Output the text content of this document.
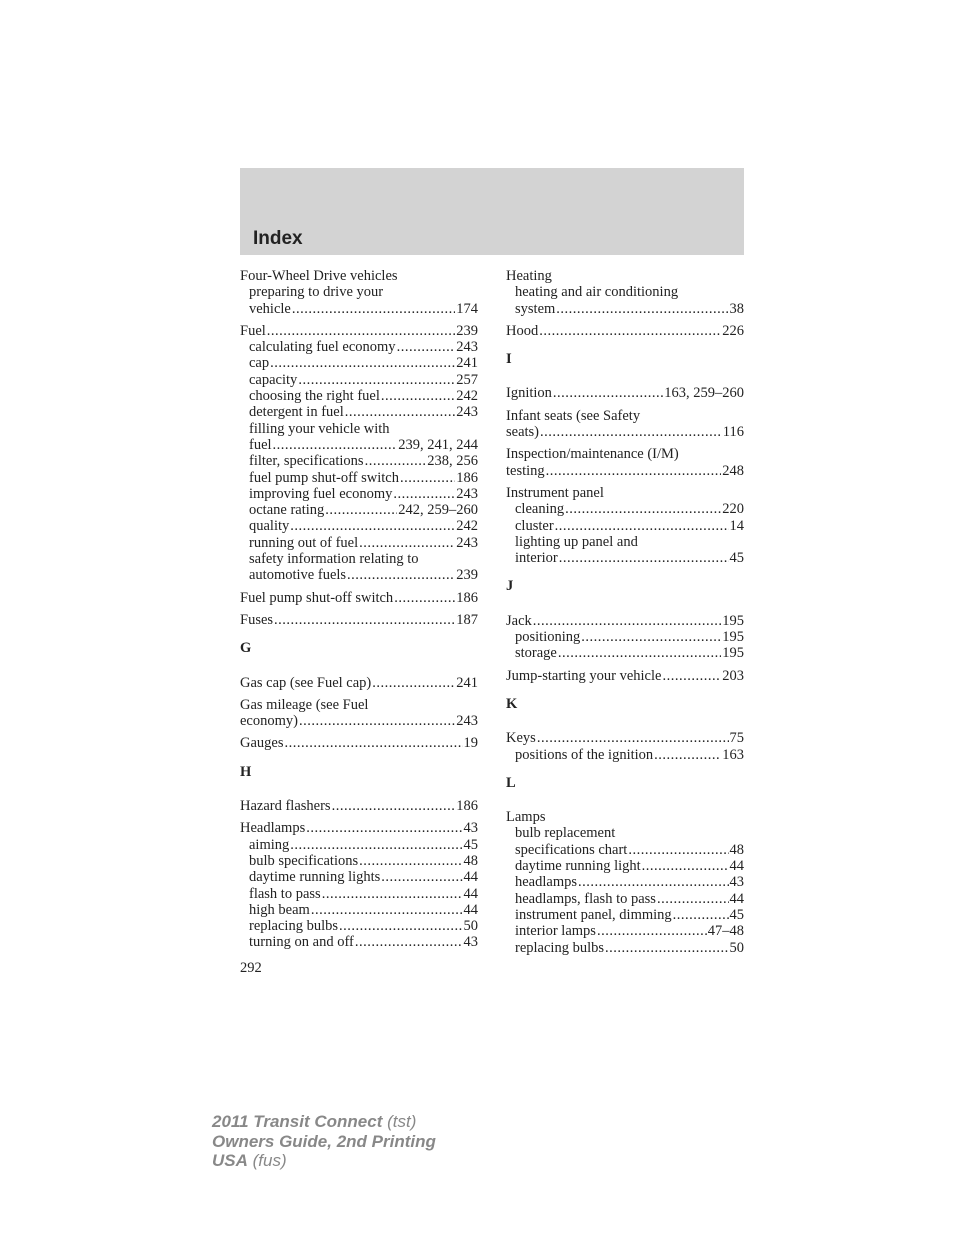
Index
Four-Wheel Drive vehicles
preparing to drive your
vehicle .....	174
Fuel .....	239
calculating fuel economy .....	243
cap .....	241
capacity .....	257
choosing the right fuel .....	242
detergent in fuel .....	243
filling your vehicle with
fuel .....	239, 241, 244
filter, specifications .....	238, 256
fuel pump shut-off switch .....	186
improving fuel economy .....	243
octane rating .....	242, 259–260
quality .....	242
running out of fuel .....	243
safety information relating to
automotive fuels .....	239
Fuel pump shut-off switch .....	186
Fuses .....	187
G
Gas cap (see Fuel cap) .....	241
Gas mileage (see Fuel
economy) .....	243
Gauges .....	19
H
Hazard flashers .....	186
Headlamps .....	43
aiming .....	45
bulb specifications .....	48
daytime running lights .....	44
flash to pass .....	44
high beam .....	44
replacing bulbs .....	50
turning on and off .....	43
Heating
heating and air conditioning
system .....	38
Hood .....	226
I
Ignition .....	163, 259–260
Infant seats (see Safety
seats) .....	116
Inspection/maintenance (I/M)
testing .....	248
Instrument panel
cleaning .....	220
cluster .....	14
lighting up panel and
interior .....	45
J
Jack .....	195
positioning .....	195
storage .....	195
Jump-starting your vehicle .....	203
K
Keys .....	75
positions of the ignition .....	163
L
Lamps
bulb replacement
specifications chart .....	48
daytime running light .....	44
headlamps .....	43
headlamps, flash to pass .....	44
instrument panel, dimming .....	45
interior lamps .....	47–48
replacing bulbs .....	50
292
2011 Transit Connect (tst)
Owners Guide, 2nd Printing
USA (fus)
